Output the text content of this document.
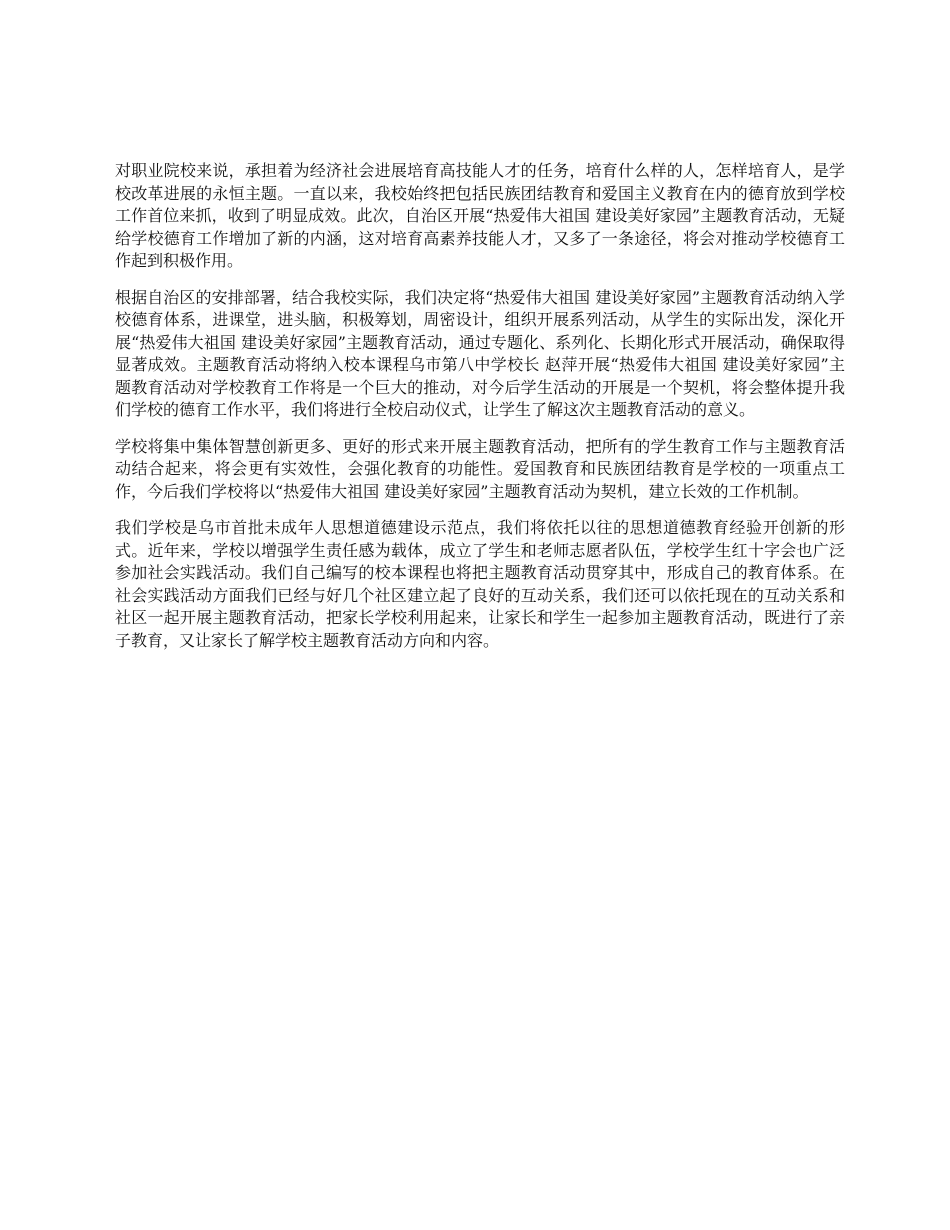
对职业院校来说，承担着为经济社会进展培育高技能人才的任务，培育什么样的人，怎样培育人，是学校改革进展的永恒主题。一直以来，我校始终把包括民族团结教育和爱国主义教育在内的德育放到学校工作首位来抓，收到了明显成效。此次，自治区开展“热爱伟大祖国 建设美好家园”主题教育活动，无疑给学校德育工作增加了新的内涵，这对培育高素养技能人才，又多了一条途径，将会对推动学校德育工作起到积极作用。

根据自治区的安排部署，结合我校实际，我们决定将“热爱伟大祖国 建设美好家园”主题教育活动纳入学校德育体系，进课堂，进头脑，积极筹划，周密设计，组织开展系列活动，从学生的实际出发，深化开展“热爱伟大祖国 建设美好家园”主题教育活动，通过专题化、系列化、长期化形式开展活动，确保取得显著成效。主题教育活动将纳入校本课程乌市第八中学校长 赵萍开展“热爱伟大祖国 建设美好家园”主题教育活动对学校教育工作将是一个巨大的推动，对今后学生活动的开展是一个契机，将会整体提升我们学校的德育工作水平，我们将进行全校启动仪式，让学生了解这次主题教育活动的意义。

学校将集中集体智慧创新更多、更好的形式来开展主题教育活动，把所有的学生教育工作与主题教育活动结合起来，将会更有实效性，会强化教育的功能性。爱国教育和民族团结教育是学校的一项重点工作，今后我们学校将以“热爱伟大祖国 建设美好家园”主题教育活动为契机，建立长效的工作机制。

我们学校是乌市首批未成年人思想道德建设示范点，我们将依托以往的思想道德教育经验开创新的形式。近年来，学校以增强学生责任感为载体，成立了学生和老师志愿者队伍，学校学生红十字会也广泛参加社会实践活动。我们自己编写的校本课程也将把主题教育活动贯穿其中，形成自己的教育体系。在社会实践活动方面我们已经与好几个社区建立起了良好的互动关系，我们还可以依托现在的互动关系和社区一起开展主题教育活动，把家长学校利用起来，让家长和学生一起参加主题教育活动，既进行了亲子教育，又让家长了解学校主题教育活动方向和内容。
